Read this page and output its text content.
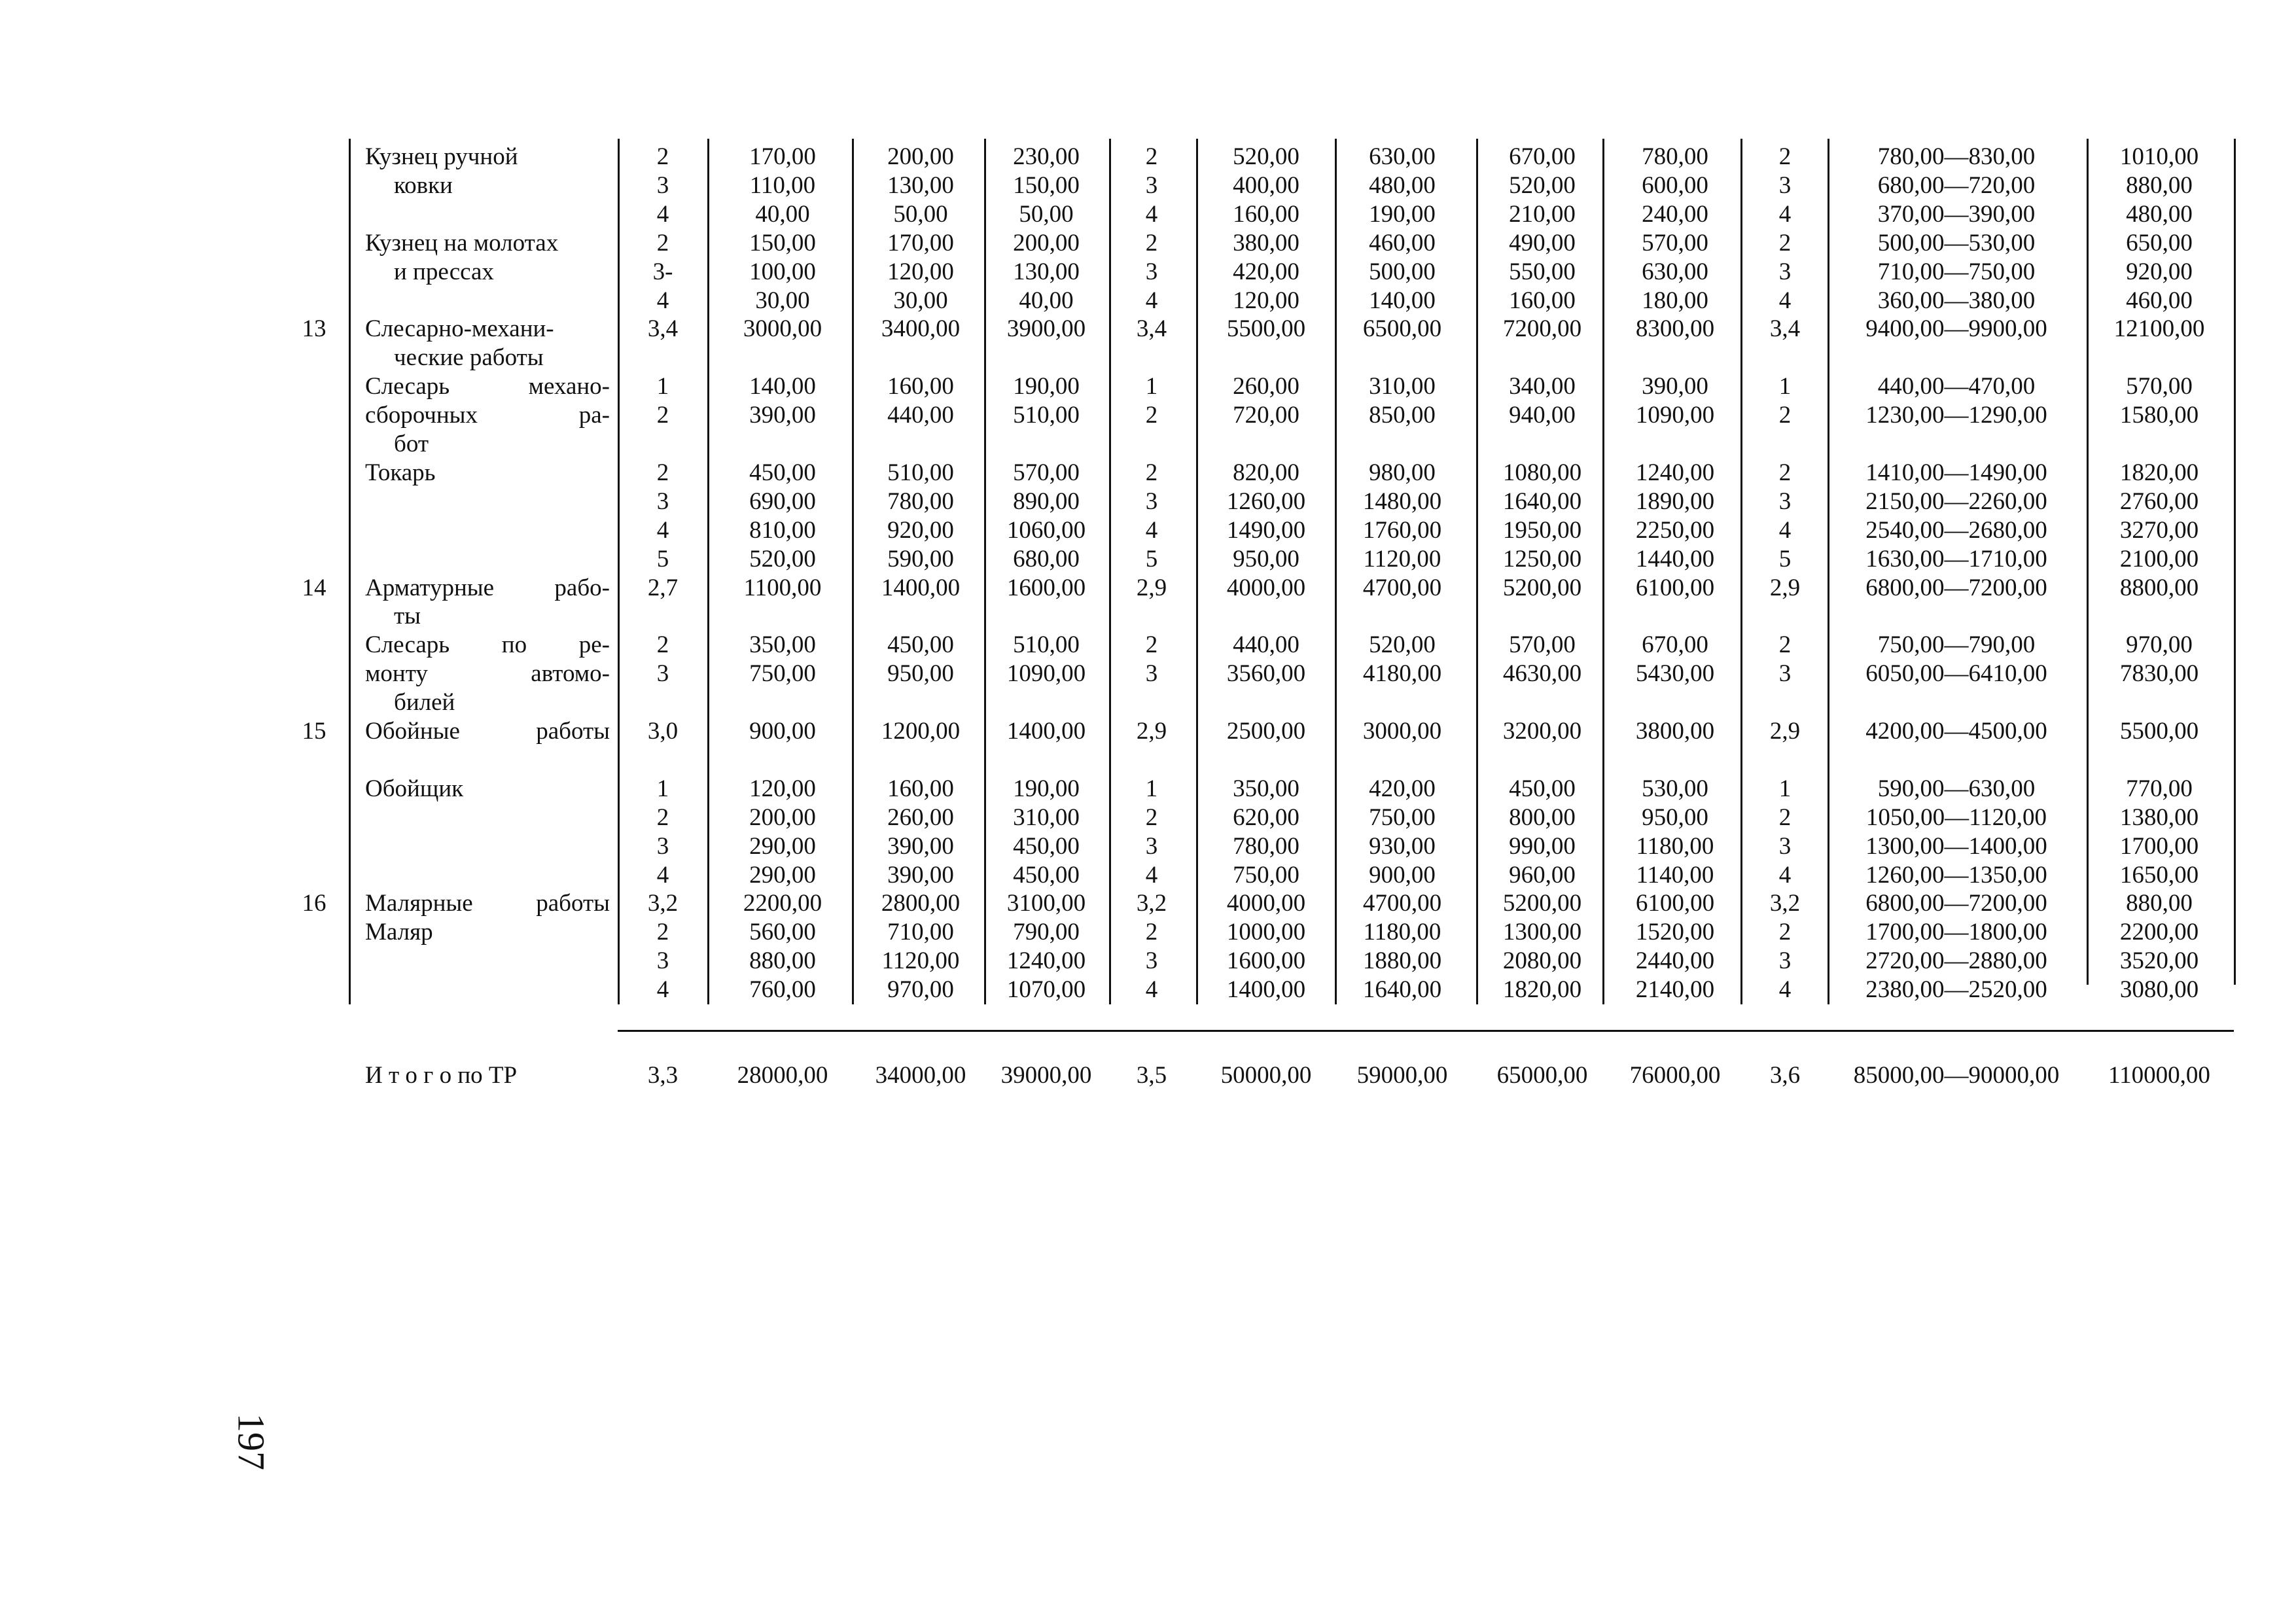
Кузнец ручной	2	170,00	200,00	230,00	2	520,00	630,00	670,00	780,00	2	780,00—830,00	1010,00
ковки	3	110,00	130,00	150,00	3	400,00	480,00	520,00	600,00	3	680,00—720,00	880,00
4	40,00	50,00	50,00	4	160,00	190,00	210,00	240,00	4	370,00—390,00	480,00
Кузнец на молотах	2	150,00	170,00	200,00	2	380,00	460,00	490,00	570,00	2	500,00—530,00	650,00
и прессах	3-	100,00	120,00	130,00	3	420,00	500,00	550,00	630,00	3	710,00—750,00	920,00
4	30,00	30,00	40,00	4	120,00	140,00	160,00	180,00	4	360,00—380,00	460,00
13	Слесарно-механи-	3,4	3000,00	3400,00	3900,00	3,4	5500,00	6500,00	7200,00	8300,00	3,4	9400,00—9900,00	12100,00
ческие работы
Слесарь механо-	1	140,00	160,00	190,00	1	260,00	310,00	340,00	390,00	1	440,00—470,00	570,00
сборочных ра-	2	390,00	440,00	510,00	2	720,00	850,00	940,00	1090,00	2	1230,00—1290,00	1580,00
бот
Токарь	2	450,00	510,00	570,00	2	820,00	980,00	1080,00	1240,00	2	1410,00—1490,00	1820,00
3	690,00	780,00	890,00	3	1260,00	1480,00	1640,00	1890,00	3	2150,00—2260,00	2760,00
4	810,00	920,00	1060,00	4	1490,00	1760,00	1950,00	2250,00	4	2540,00—2680,00	3270,00
5	520,00	590,00	680,00	5	950,00	1120,00	1250,00	1440,00	5	1630,00—1710,00	2100,00
14	Арматурные рабо-	2,7	1100,00	1400,00	1600,00	2,9	4000,00	4700,00	5200,00	6100,00	2,9	6800,00—7200,00	8800,00
ты
Слесарь по ре-	2	350,00	450,00	510,00	2	440,00	520,00	570,00	670,00	2	750,00—790,00	970,00
монту автомо-	3	750,00	950,00	1090,00	3	3560,00	4180,00	4630,00	5430,00	3	6050,00—6410,00	7830,00
билей
15	Обойные работы	3,0	900,00	1200,00	1400,00	2,9	2500,00	3000,00	3200,00	3800,00	2,9	4200,00—4500,00	5500,00
Обойщик	1	120,00	160,00	190,00	1	350,00	420,00	450,00	530,00	1	590,00—630,00	770,00
2	200,00	260,00	310,00	2	620,00	750,00	800,00	950,00	2	1050,00—1120,00	1380,00
3	290,00	390,00	450,00	3	780,00	930,00	990,00	1180,00	3	1300,00—1400,00	1700,00
4	290,00	390,00	450,00	4	750,00	900,00	960,00	1140,00	4	1260,00—1350,00	1650,00
16	Малярные работы	3,2	2200,00	2800,00	3100,00	3,2	4000,00	4700,00	5200,00	6100,00	3,2	6800,00—7200,00	880,00
Маляр	2	560,00	710,00	790,00	2	1000,00	1180,00	1300,00	1520,00	2	1700,00—1800,00	2200,00
3	880,00	1120,00	1240,00	3	1600,00	1880,00	2080,00	2440,00	3	2720,00—2880,00	3520,00
4	760,00	970,00	1070,00	4	1400,00	1640,00	1820,00	2140,00	4	2380,00—2520,00	3080,00
И т о г о по ТР	3,3	28000,00	34000,00	39000,00	3,5	50000,00	59000,00	65000,00	76000,00	3,6	85000,00—90000,00	110000,00
197
